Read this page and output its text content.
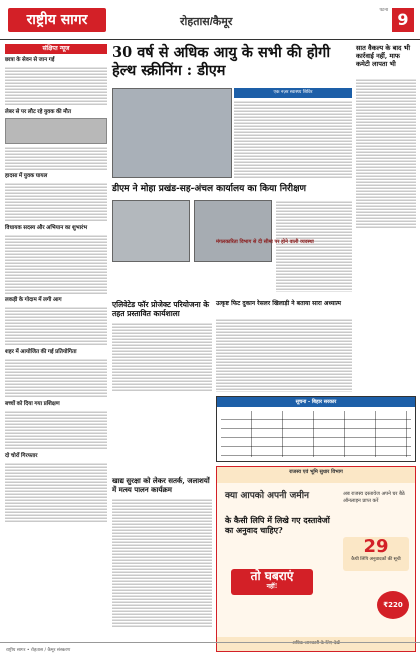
राष्ट्रीय सागर	रोहतास/कैमूर
पटना 9
संक्षिप्त न्यूज
छात्रा के सेवन से जान गई
लेबर से पर लौट रहे युवक की मौत
हादसा में युवक घायल
विधायक सदस्य और अभियान का शुभारंभ
लकड़ी के गोदाम में लगी आग
शहर में आयोजित की गई प्रतियोगिता
बच्चों को दिया गया प्रशिक्षण
दो चोरों गिरफ्तार
30 वर्ष से अधिक आयु के सभी की होगी हेल्थ स्क्रीनिंग : डीएम
एक नज़र स्वास्थ्य शिविर
सात वैकल्प के बाद भी कार्रवाई नहीं, माफ कमेटी लापता भी
डीएम ने मोहा प्रखंड-सह-अंचल कार्यालय का किया निरीक्षण
मंगलकारिता विभाग से दी सीमा पर होने वाली व्यवस्था
एलिवेटेड फॉर प्रोजेक्ट परियोजना के तहत प्रस्तावित कार्यशाला
उत्कृष्ट फिट दुकान रेसलर खिलाड़ी ने बताया सारा अध्यात्म
सूचना - बिहार सरकार
खाद्य सुरक्षा को लेकर सतर्क, जलाशयों में मत्स्य पालन कार्यक्रम
राजस्व एवं भूमि सुधार विभाग
क्या आपको अपनी जमीन
के कैसी लिपि में लिखे गए दस्तावेजों का अनुवाद चाहिए?
तो घबराएं
नहीं!
अब राजस्व दस्तावेज अपने घर बैठे ऑनलाइन प्राप्त करें
29
कैथी लिपि अनुवादकों की सूची
₹220
अधिक जानकारी के लिए देखें
राष्ट्रीय सागर • रोहतास / कैमूर संस्करण
